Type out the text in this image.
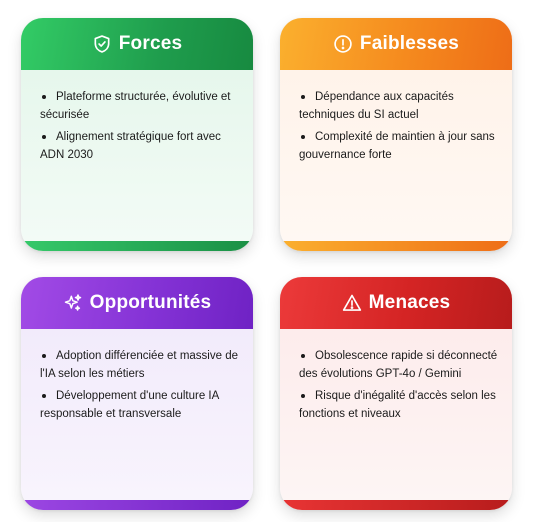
Forces
Plateforme structurée, évolutive et sécurisée
Alignement stratégique fort avec ADN 2030
Faiblesses
Dépendance aux capacités techniques du SI actuel
Complexité de maintien à jour sans gouvernance forte
Opportunités
Adoption différenciée et massive de l'IA selon les métiers
Développement d'une culture IA responsable et transversale
Menaces
Obsolescence rapide si déconnecté des évolutions GPT-4o / Gemini
Risque d'inégalité d'accès selon les fonctions et niveaux
